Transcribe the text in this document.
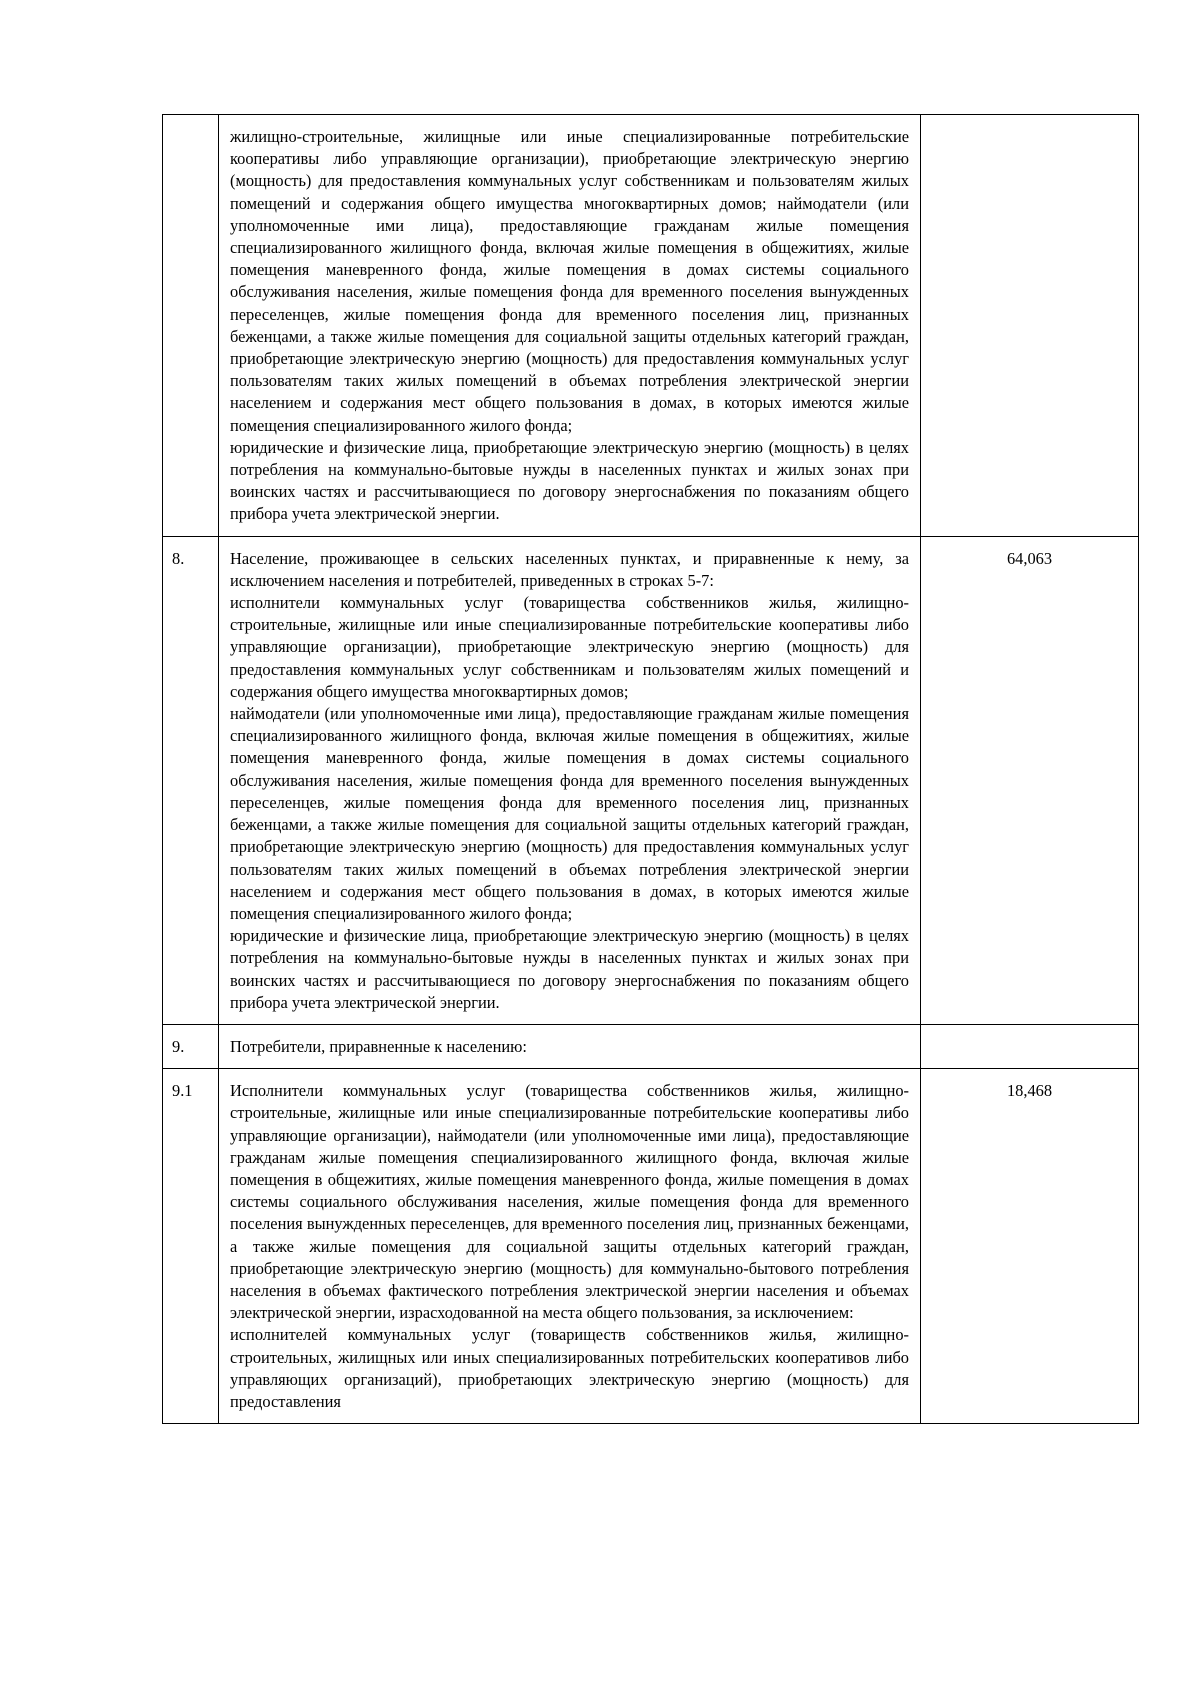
	жилищно-строительные, жилищные или иные специализированные потребительские кооперативы либо управляющие организации), приобретающие электрическую энергию (мощность) для предоставления коммунальных услуг собственникам и пользователям жилых помещений и содержания общего имущества многоквартирных домов; наймодатели (или уполномоченные ими лица), предоставляющие гражданам жилые помещения специализированного жилищного фонда, включая жилые помещения в общежитиях, жилые помещения маневренного фонда, жилые помещения в домах системы социального обслуживания населения, жилые помещения фонда для временного поселения вынужденных переселенцев, жилые помещения фонда для временного поселения лиц, признанных беженцами, а также жилые помещения для социальной защиты отдельных категорий граждан, приобретающие электрическую энергию (мощность) для предоставления коммунальных услуг пользователям таких жилых помещений в объемах потребления электрической энергии населением и содержания мест общего пользования в домах, в которых имеются жилые помещения специализированного жилого фонда;
юридические и физические лица, приобретающие электрическую энергию (мощность) в целях потребления на коммунально-бытовые нужды в населенных пунктах и жилых зонах при воинских частях и рассчитывающиеся по договору энергоснабжения по показаниям общего прибора учета электрической энергии.	

8.	Население, проживающее в сельских населенных пунктах, и приравненные к нему, за исключением населения и потребителей, приведенных в строках 5-7:
исполнители коммунальных услуг (товарищества собственников жилья, жилищно-строительные, жилищные или иные специализированные потребительские кооперативы либо управляющие организации), приобретающие электрическую энергию (мощность) для предоставления коммунальных услуг собственникам и пользователям жилых помещений и содержания общего имущества многоквартирных домов;
наймодатели (или уполномоченные ими лица), предоставляющие гражданам жилые помещения специализированного жилищного фонда, включая жилые помещения в общежитиях, жилые помещения маневренного фонда, жилые помещения в домах системы социального обслуживания населения, жилые помещения фонда для временного поселения вынужденных переселенцев, жилые помещения фонда для временного поселения лиц, признанных беженцами, а также жилые помещения для социальной защиты отдельных категорий граждан, приобретающие электрическую энергию (мощность) для предоставления коммунальных услуг пользователям таких жилых помещений в объемах потребления электрической энергии населением и содержания мест общего пользования в домах, в которых имеются жилые помещения специализированного жилого фонда;
юридические и физические лица, приобретающие электрическую энергию (мощность) в целях потребления на коммунально-бытовые нужды в населенных пунктах и жилых зонах при воинских частях и рассчитывающиеся по договору энергоснабжения по показаниям общего прибора учета электрической энергии.	64,063
9.	Потребители, приравненные к населению:	

9.1	Исполнители коммунальных услуг (товарищества собственников жилья, жилищно-строительные, жилищные или иные специализированные потребительские кооперативы либо управляющие организации), наймодатели (или уполномоченные ими лица), предоставляющие гражданам жилые помещения специализированного жилищного фонда, включая жилые помещения в общежитиях, жилые помещения маневренного фонда, жилые помещения в домах системы социального обслуживания населения, жилые помещения фонда для временного поселения вынужденных переселенцев, для временного поселения лиц, признанных беженцами, а также жилые помещения для социальной защиты отдельных категорий граждан, приобретающие электрическую энергию (мощность) для коммунально-бытового потребления населения в объемах фактического потребления электрической энергии населения и объемах электрической энергии, израсходованной на места общего пользования, за исключением:
исполнителей коммунальных услуг (товариществ собственников жилья, жилищно-строительных, жилищных или иных специализированных потребительских кооперативов либо управляющих организаций), приобретающих электрическую энергию (мощность) для предоставления	18,468
